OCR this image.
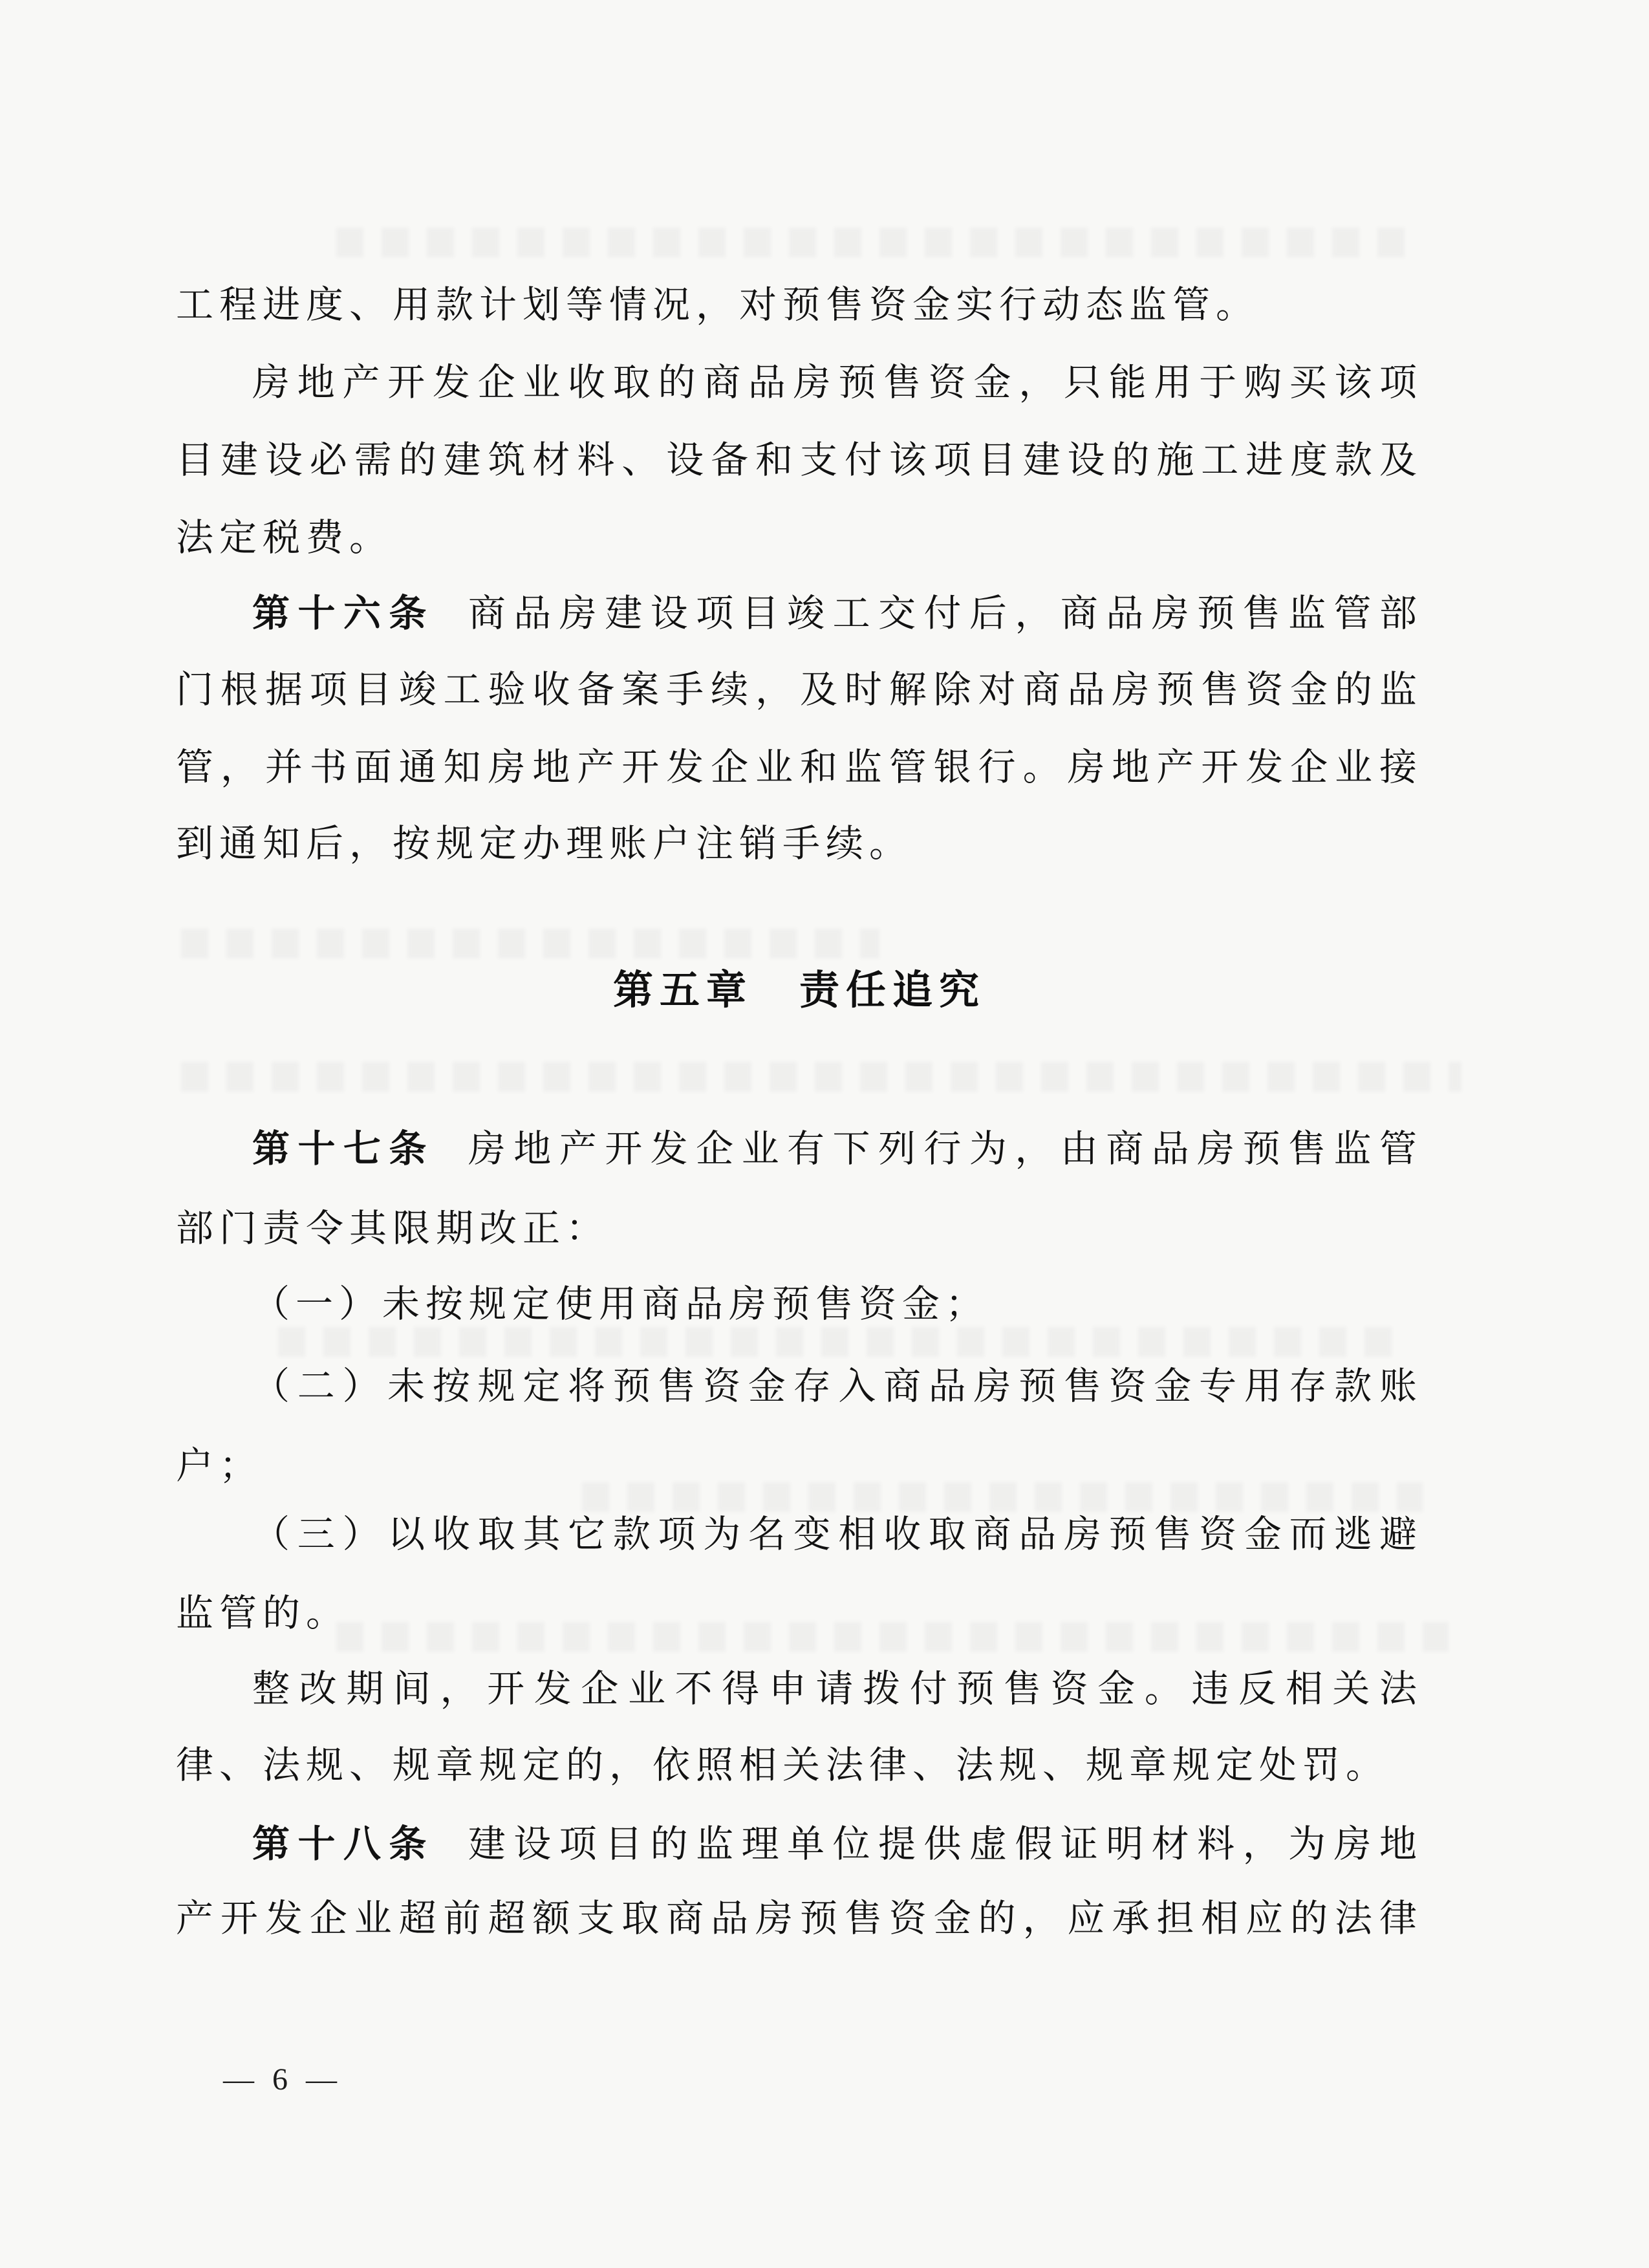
工程进度、用款计划等情况，对预售资金实行动态监管。
房地产开发企业收取的商品房预售资金，只能用于购买该项
目建设必需的建筑材料、设备和支付该项目建设的施工进度款及
法定税费。
第十六条 商品房建设项目竣工交付后，商品房预售监管部
门根据项目竣工验收备案手续，及时解除对商品房预售资金的监
管，并书面通知房地产开发企业和监管银行。房地产开发企业接
到通知后，按规定办理账户注销手续。
第五章　责任追究
第十七条 房地产开发企业有下列行为，由商品房预售监管
部门责令其限期改正：
（一）未按规定使用商品房预售资金；
（二）未按规定将预售资金存入商品房预售资金专用存款账
户；
（三）以收取其它款项为名变相收取商品房预售资金而逃避
监管的。
整改期间，开发企业不得申请拨付预售资金。违反相关法
律、法规、规章规定的，依照相关法律、法规、规章规定处罚。
第十八条 建设项目的监理单位提供虚假证明材料，为房地
产开发企业超前超额支取商品房预售资金的，应承担相应的法律
— 6 —
